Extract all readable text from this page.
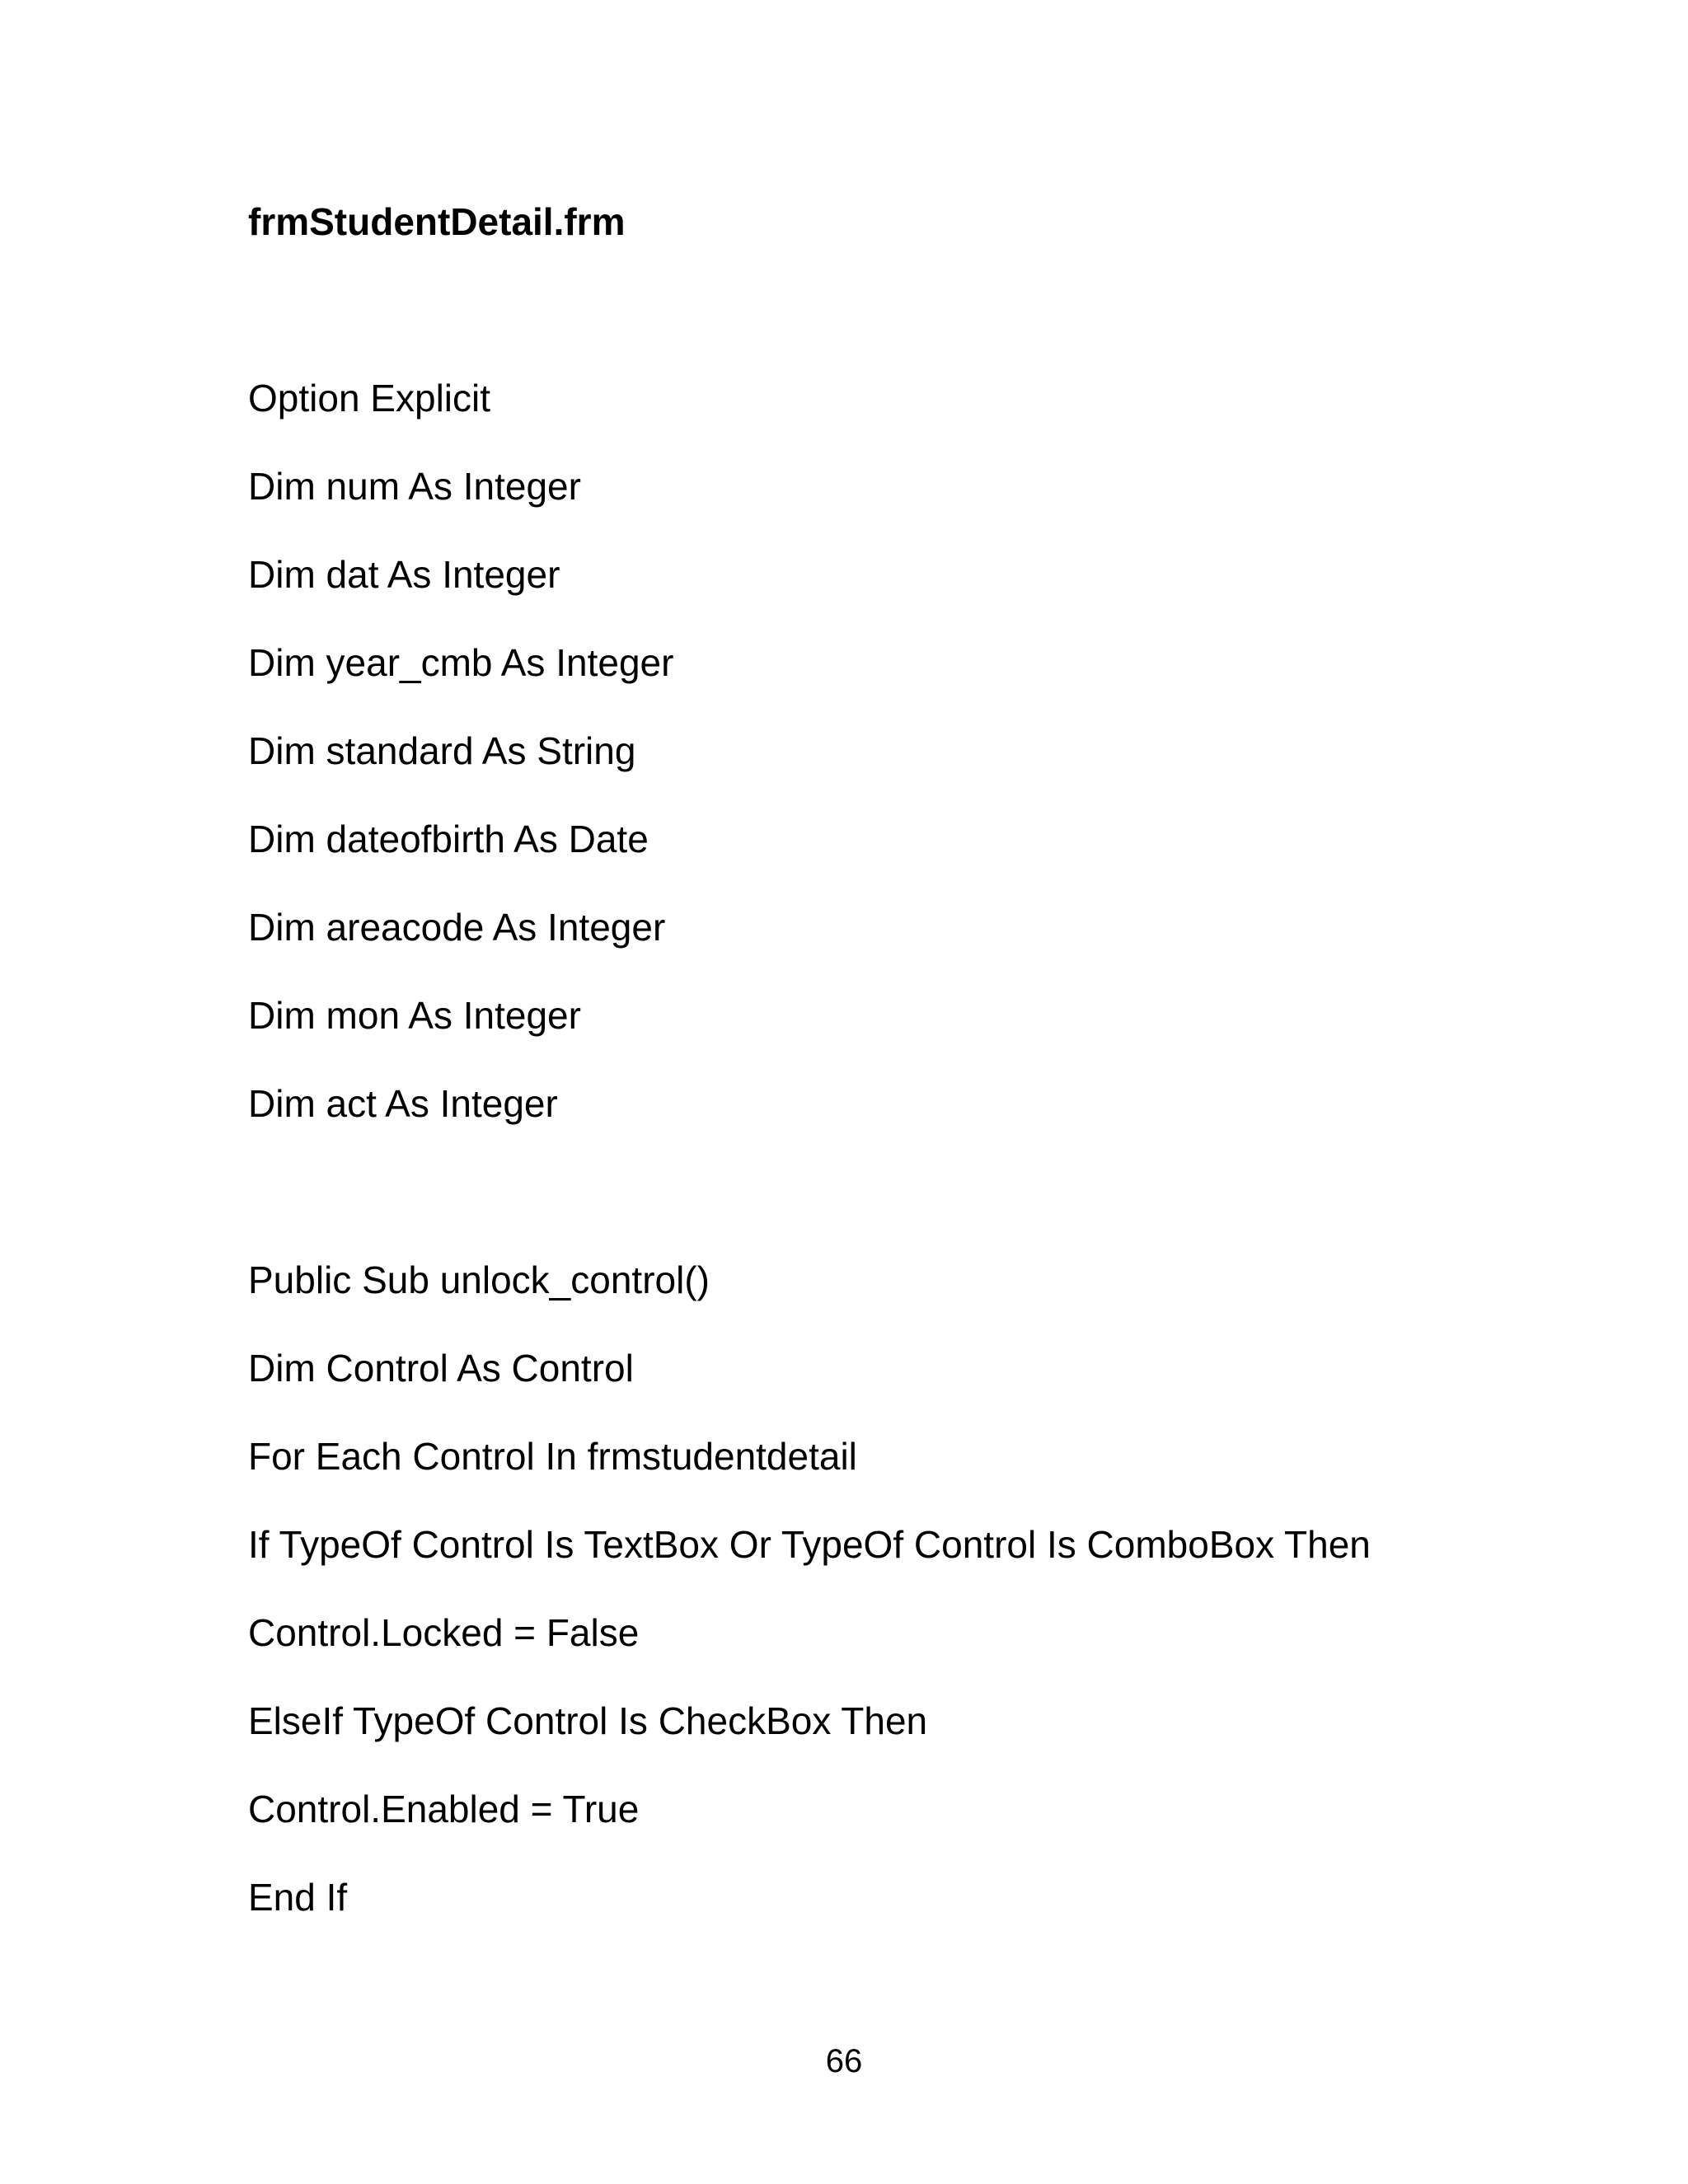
frmStudentDetail.frm

Option Explicit

Dim num As Integer

Dim dat As Integer

Dim year_cmb As Integer

Dim standard As String

Dim dateofbirth As Date

Dim areacode As Integer

Dim mon As Integer

Dim act As Integer

Public Sub unlock_control()

Dim Control As Control

For Each Control In frmstudentdetail

If TypeOf Control Is TextBox Or TypeOf Control Is ComboBox Then

Control.Locked = False

ElseIf TypeOf Control Is CheckBox Then

Control.Enabled = True

End If

66
